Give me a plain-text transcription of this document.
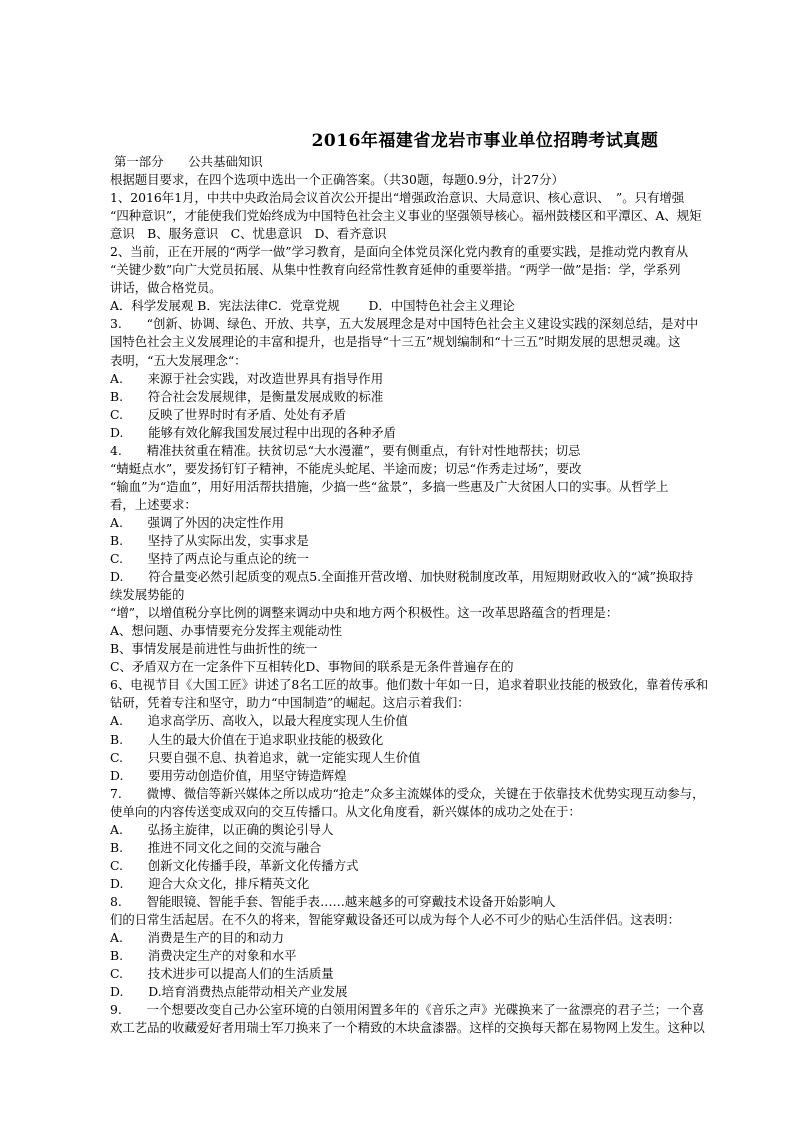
2016年福建省龙岩市事业单位招聘考试真题
第一部分　　公共基础知识
根据题目要求，在四个选项中选出一个正确答案。（共30题，每题0.9分，计27分）
1、2016年1月，中共中央政治局会议首次公开提出“增强政治意识、大局意识、核心意识、　”。只有增强
“四种意识”，才能使我们党始终成为中国特色社会主义事业的坚强领导核心。福州鼓楼区和平潭区、A、规矩
意识　B、服务意识　C、忧患意识　D、看齐意识
2、当前，正在开展的“两学一做”学习教育，是面向全体党员深化党内教育的重要实践，是推动党内教育从
“关键少数”向广大党员拓展、从集中性教育向经常性教育延伸的重要举措。“两学一做”是指：学，学系列
讲话，做合格党员。
A．科学发展观 B．宪法法律C．党章党规　　 D．中国特色社会主义理论
3.　　“创新、协调、绿色、开放、共享，五大发展理念是对中国特色社会主义建设实践的深刻总结，是对中
国特色社会主义发展理论的丰富和提升，也是指导“十三五”规划编制和“十三五”时期发展的思想灵魂。这
表明，“五大发展理念“：
A.　　来源于社会实践，对改造世界具有指导作用
B.　　符合社会发展规律，是衡量发展成败的标准
C.　　反映了世界时时有矛盾、处处有矛盾
D.　　能够有效化解我国发展过程中出现的各种矛盾
4.　　精准扶贫重在精准。扶贫切忌“大水漫灌”，要有侧重点，有针对性地帮扶；切忌
“蜻蜓点水”，要发扬钉钉子精神，不能虎头蛇尾、半途而废；切忌“作秀走过场”，要改
“输血”为“造血”，用好用活帮扶措施，少搞一些“盆景”，多搞一些惠及广大贫困人口的实事。从哲学上
看，上述要求：
A.　　强调了外因的决定性作用
B.　　坚持了从实际出发，实事求是
C.　　坚持了两点论与重点论的统一
D.　　符合量变必然引起质变的观点5.全面推开营改增、加快财税制度改革，用短期财政收入的“减”换取持
续发展势能的
“增”，以增值税分享比例的调整来调动中央和地方两个积极性。这一改革思路蕴含的哲理是：
A、想问题、办事情要充分发挥主观能动性
B、事情发展是前进性与曲折性的统一
C、矛盾双方在一定条件下互相转化D、事物间的联系是无条件普遍存在的
6、电视节目《大国工匠》讲述了8名工匠的故事。他们数十年如一日，追求着职业技能的极致化，靠着传承和
钻研，凭着专注和坚守，助力“中国制造”的崛起。这启示着我们：
A.　　追求高学历、高收入，以最大程度实现人生价值
B.　　人生的最大价值在于追求职业技能的极致化
C.　　只要自强不息、执着追求，就一定能实现人生价值
D.　　要用劳动创造价值，用坚守铸造辉煌
7.　　微博、微信等新兴媒体之所以成功“抢走”众多主流媒体的受众，关键在于依靠技术优势实现互动参与，
使单向的内容传送变成双向的交互传播口。从文化角度看，新兴媒体的成功之处在于：
A.　　弘扬主旋律，以正确的舆论引导人
B.　　推进不同文化之间的交流与融合
C.　　创新文化传播手段，革新文化传播方式
D.　　迎合大众文化，排斥精英文化
8.　　智能眼镜、智能手套、智能手表……越来越多的可穿戴技术设备开始影响人
们的日常生活起居。在不久的将来，智能穿戴设备还可以成为每个人必不可少的贴心生活伴侣。这表明：
A.　　消费是生产的目的和动力
B.　　消费决定生产的对象和水平
C.　　技术进步可以提高人们的生活质量
D.　　D.培育消费热点能带动相关产业发展
9.　　一个想要改变自己办公室环境的白领用闲置多年的《音乐之声》光碟换来了一盆漂亮的君子兰；一个喜
欢工艺品的收藏爱好者用瑞士军刀换来了一个精致的木块盒漆器。这样的交换每天都在易物网上发生。这种以
